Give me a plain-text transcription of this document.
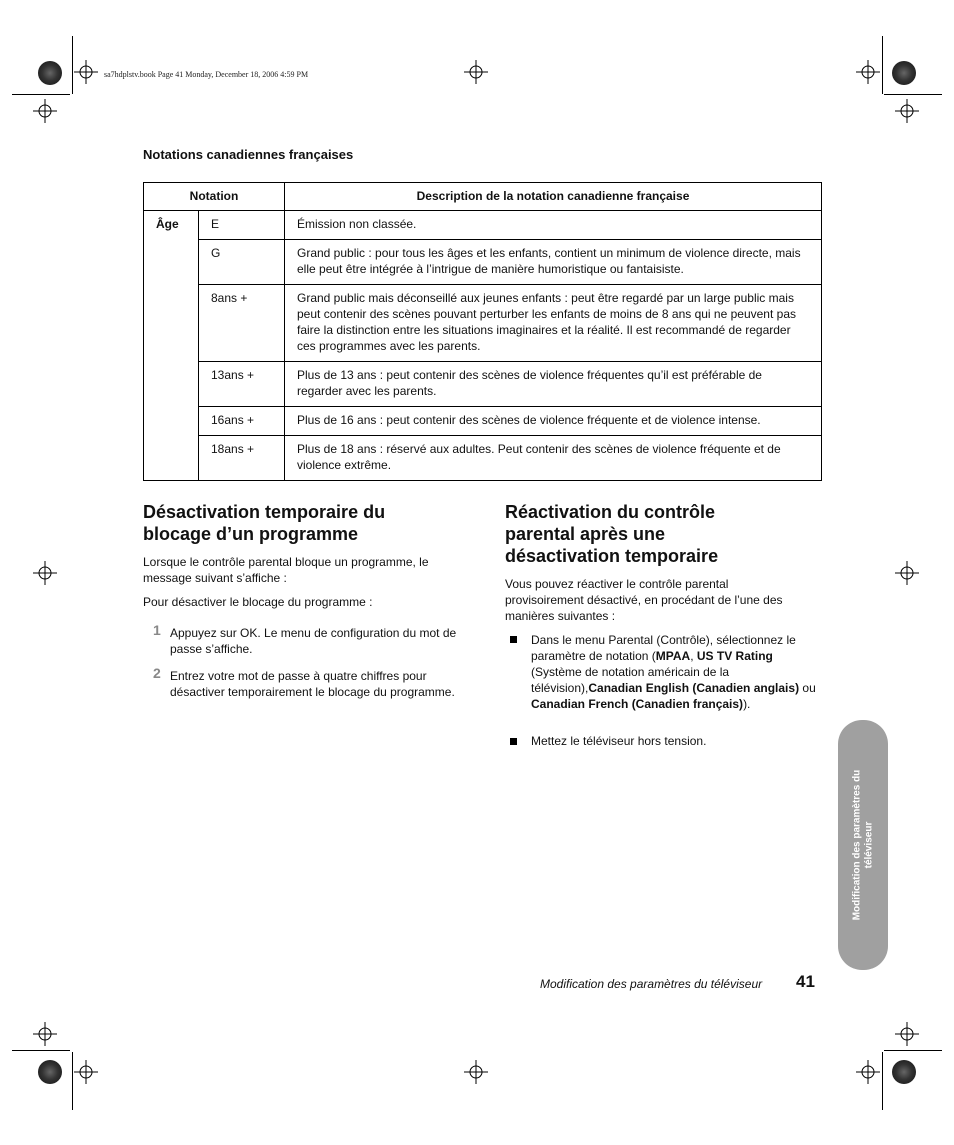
sa7hdplstv.book Page 41 Monday, December 18, 2006 4:59 PM
Notations canadiennes françaises
Notation		Description de la notation canadienne française
Âge	E	Émission non classée.
	G	Grand public : pour tous les âges et les enfants, contient un minimum de violence directe, mais elle peut être intégrée à l’intrigue de manière humoristique ou fantaisiste.
	8ans +	Grand public mais déconseillé aux jeunes enfants : peut être regardé par un large public mais peut contenir des scènes pouvant perturber les enfants de moins de 8 ans qui ne peuvent pas faire la distinction entre les situations imaginaires et la réalité. Il est recommandé de regarder ces programmes avec les parents.
	13ans +	Plus de 13 ans : peut contenir des scènes de violence fréquentes qu’il est préférable de regarder avec les parents.
	16ans +	Plus de 16 ans : peut contenir des scènes de violence fréquente et de violence intense.
	18ans +	Plus de 18 ans : réservé aux adultes. Peut contenir des scènes de violence fréquente et de violence extrême.
Désactivation temporaire du blocage d’un programme

Lorsque le contrôle parental bloque un programme, le message suivant s’affiche :

Pour désactiver le blocage du programme :

1 Appuyez sur OK. Le menu de configuration du mot de passe s’affiche.

2 Entrez votre mot de passe à quatre chiffres pour désactiver temporairement le blocage du programme.

Réactivation du contrôle parental après une désactivation temporaire

Vous pouvez réactiver le contrôle parental provisoirement désactivé, en procédant de l’une des manières suivantes :

Dans le menu Parental (Contrôle), sélectionnez le paramètre de notation (MPAA, US TV Rating (Système de notation américain de la télévision),Canadian English (Canadien anglais) ou Canadian French (Canadien français)).

Mettez le téléviseur hors tension.

Modification des paramètres du téléviseur
Modification des paramètres du téléviseur 41
